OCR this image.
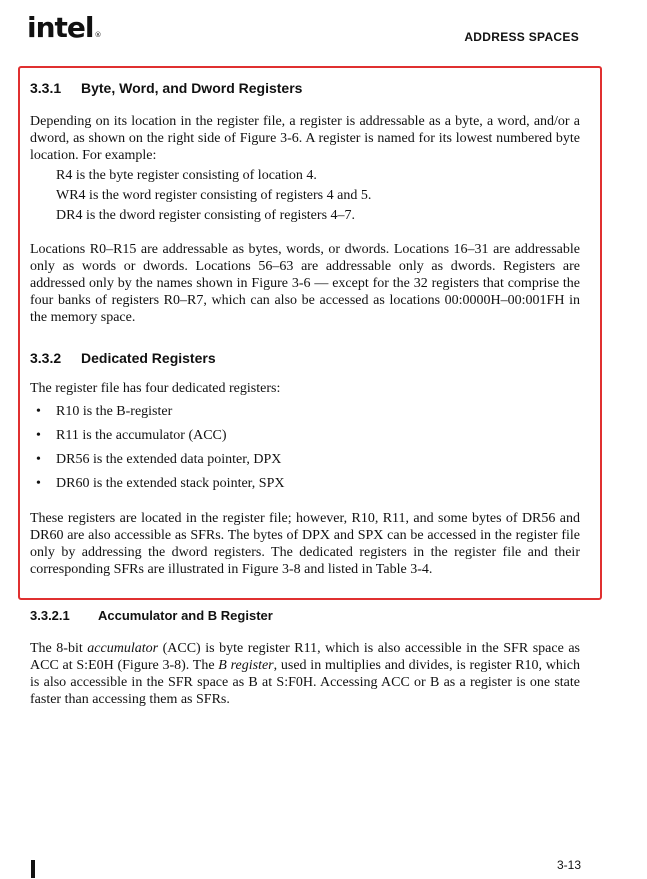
intel®	ADDRESS SPACES
3.3.1 Byte, Word, and Dword Registers

Depending on its location in the register file, a register is addressable as a byte, a word, and/or a dword, as shown on the right side of Figure 3-6. A register is named for its lowest numbered byte location. For example:

R4 is the byte register consisting of location 4.
WR4 is the word register consisting of registers 4 and 5.
DR4 is the dword register consisting of registers 4–7.

Locations R0–R15 are addressable as bytes, words, or dwords. Locations 16–31 are addressable only as words or dwords. Locations 56–63 are addressable only as dwords. Registers are addressed only by the names shown in Figure 3-6 — except for the 32 registers that comprise the four banks of registers R0–R7, which can also be accessed as locations 00:0000H–00:001FH in the memory space.

3.3.2 Dedicated Registers

The register file has four dedicated registers:

• R10 is the B-register
• R11 is the accumulator (ACC)
• DR56 is the extended data pointer, DPX
• DR60 is the extended stack pointer, SPX

These registers are located in the register file; however, R10, R11, and some bytes of DR56 and DR60 are also accessible as SFRs. The bytes of DPX and SPX can be accessed in the register file only by addressing the dword registers. The dedicated registers in the register file and their corresponding SFRs are illustrated in Figure 3-8 and listed in Table 3-4.

3.3.2.1 Accumulator and B Register

The 8-bit accumulator (ACC) is byte register R11, which is also accessible in the SFR space as ACC at S:E0H (Figure 3-8). The B register, used in multiplies and divides, is register R10, which is also accessible in the SFR space as B at S:F0H. Accessing ACC or B as a register is one state faster than accessing them as SFRs.

3-13
